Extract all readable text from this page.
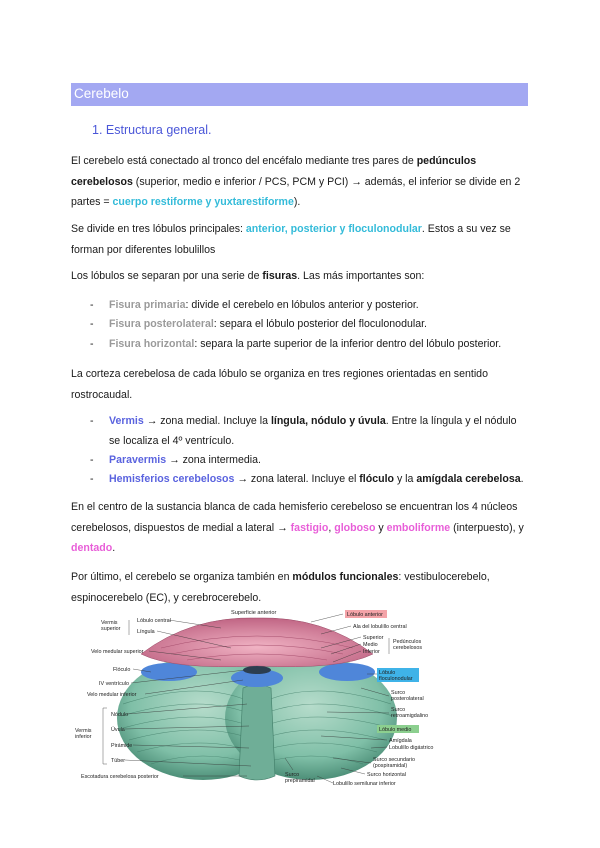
Cerebelo
1. Estructura general.
El cerebelo está conectado al tronco del encéfalo mediante tres pares de pedúnculos cerebelosos (superior, medio e inferior / PCS, PCM y PCI) → además, el inferior se divide en 2 partes = cuerpo restiforme y yuxtarestiforme).
Se divide en tres lóbulos principales: anterior, posterior y floculonodular. Estos a su vez se forman por diferentes lobulillos
Los lóbulos se separan por una serie de fisuras. Las más importantes son:
- Fisura primaria: divide el cerebelo en lóbulos anterior y posterior.
- Fisura posterolateral: separa el lóbulo posterior del floculonodular.
- Fisura horizontal: separa la parte superior de la inferior dentro del lóbulo posterior.
La corteza cerebelosa de cada lóbulo se organiza en tres regiones orientadas en sentido rostrocaudal.
- Vermis → zona medial. Incluye la língula, nódulo y úvula. Entre la língula y el nódulo se localiza el 4º ventrículo.
- Paravermis → zona intermedia.
- Hemisferios cerebelosos → zona lateral. Incluye el flóculo y la amígdala cerebelosa.
En el centro de la sustancia blanca de cada hemisferio cerebeloso se encuentran los 4 núcleos cerebelosos, dispuestos de medial a lateral → fastigio, globoso y emboliforme (interpuesto), y dentado.
Por último, el cerebelo se organiza también en módulos funcionales: vestibulocerebelo, espinocerebelo (EC), y cerebrocerebelo.
Superficie anterior
Vermis
superior
Lóbulo central
Língula
Velo medular superior
Flóculo
IV ventrículo
Velo medular inferior
Vermis
inferior
Nódulo
Úvula
Pirámide
Túber
Escotadura cerebelosa posterior
Lóbulo anterior
Ala del lobulillo central
Superior
Medio
Inferior
Pedúnculos
cerebelosos
Lóbulo
floculonodular
Surco
posterolateral
Surco
retroamigdalino
Lóbulo medio
Amígdala
Lobulillo digástrico
Surco secundario
(pospiramidal)
Surco horizontal
Lobulillo semilunar inferior
Surco
prepiramidal
